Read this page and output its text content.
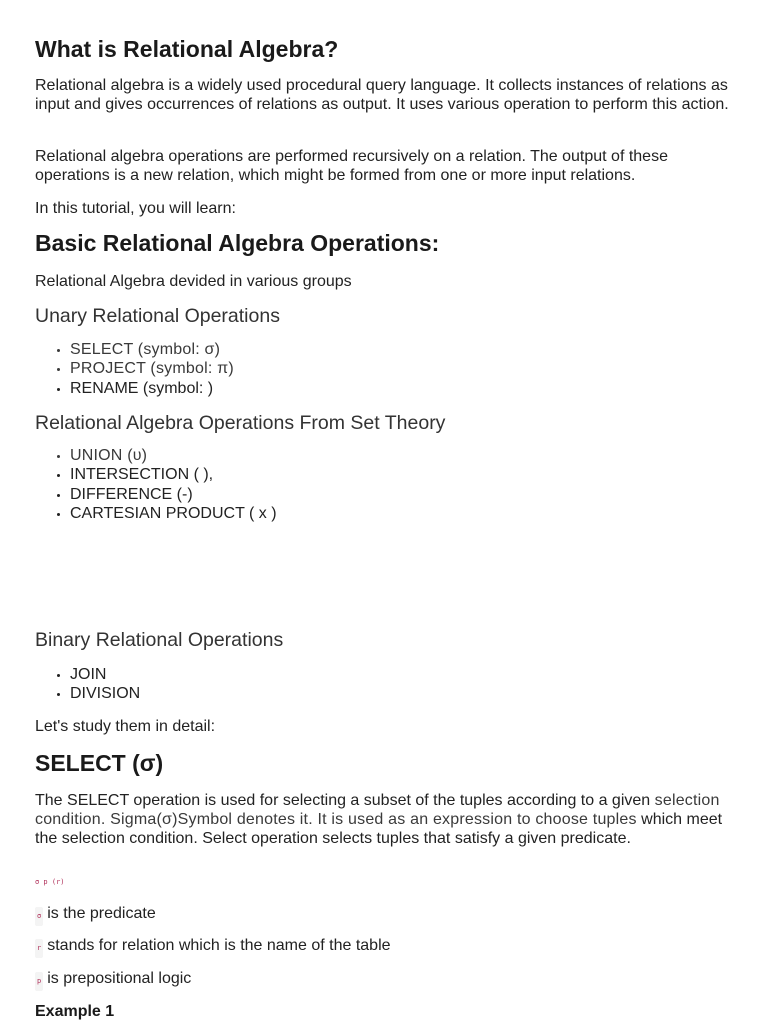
What is Relational Algebra?

Relational algebra is a widely used procedural query language. It collects instances of relations as input and gives occurrences of relations as output. It uses various operation to perform this action.

Relational algebra operations are performed recursively on a relation. The output of these operations is a new relation, which might be formed from one or more input relations.

In this tutorial, you will learn:

Basic Relational Algebra Operations:

Relational Algebra devided in various groups

Unary Relational Operations
• SELECT (symbol: σ)
• PROJECT (symbol: π)
• RENAME (symbol: )
Relational Algebra Operations From Set Theory
• UNION (υ)
• INTERSECTION ( ),
• DIFFERENCE (-)
• CARTESIAN PRODUCT ( x )
Binary Relational Operations
• JOIN
• DIVISION

Let's study them in detail:

SELECT (σ)

The SELECT operation is used for selecting a subset of the tuples according to a given selection condition. Sigma(σ)Symbol denotes it. It is used as an expression to choose tuples which meet the selection condition. Select operation selects tuples that satisfy a given predicate.

σ p (r)

σ is the predicate

r stands for relation which is the name of the table

p is prepositional logic

Example 1
